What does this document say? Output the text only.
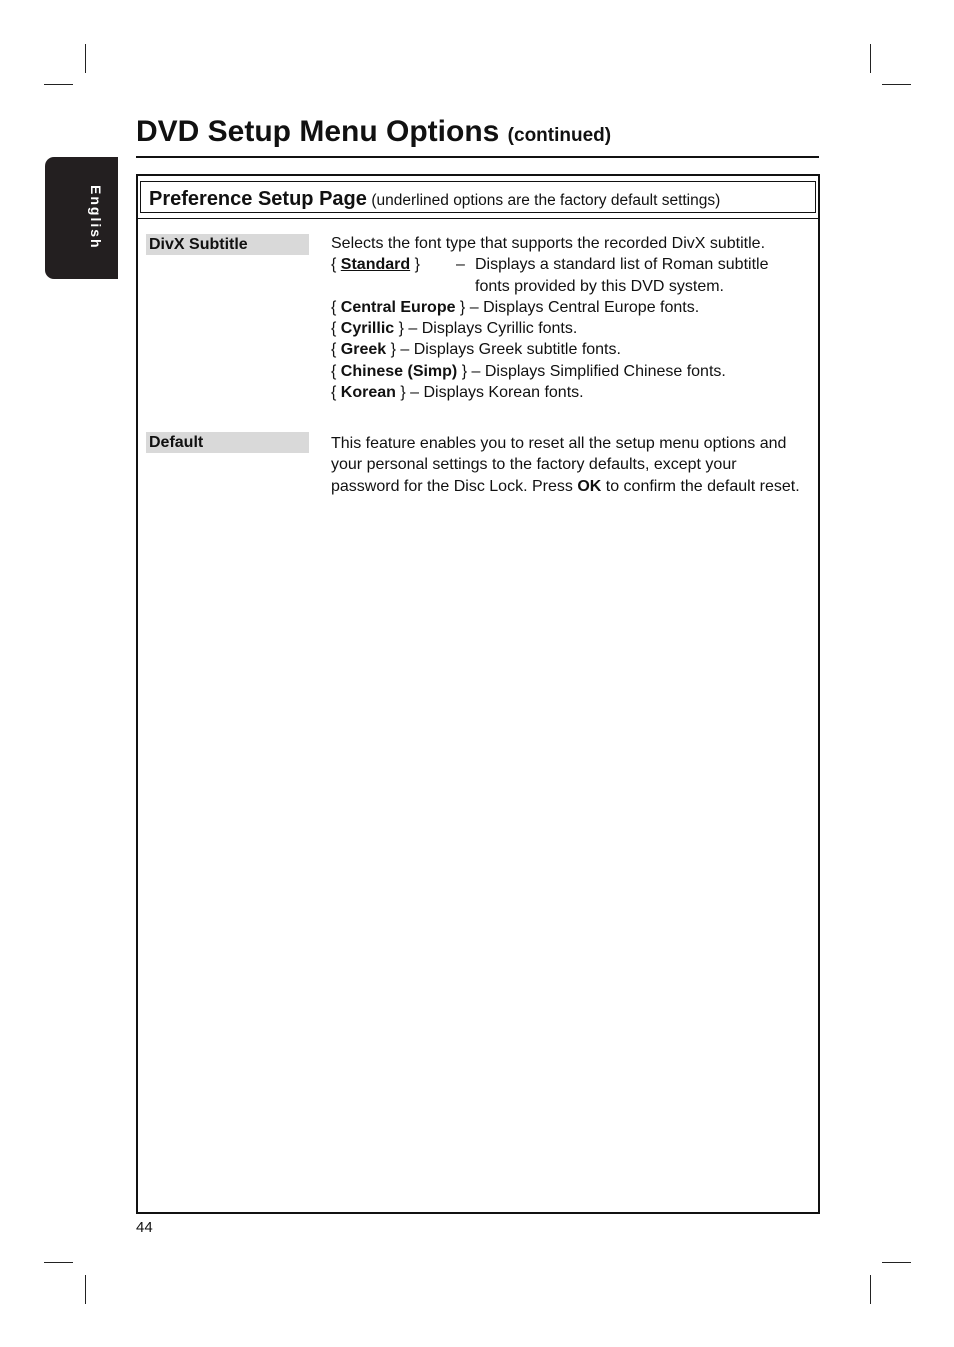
English
DVD Setup Menu Options (continued)
Preference Setup Page (underlined options are the factory default settings)
DivX Subtitle	Selects the font type that supports the recorded DivX subtitle.
{ Standard } – Displays a standard list of Roman subtitle fonts provided by this DVD system.
{ Central Europe } – Displays Central Europe fonts.
{ Cyrillic } – Displays Cyrillic fonts.
{ Greek } – Displays Greek subtitle fonts.
{ Chinese (Simp) } – Displays Simplified Chinese fonts.
{ Korean } – Displays Korean fonts.
Default	This feature enables you to reset all the setup menu options and your personal settings to the factory defaults, except your password for the Disc Lock. Press OK to confirm the default reset.
44
